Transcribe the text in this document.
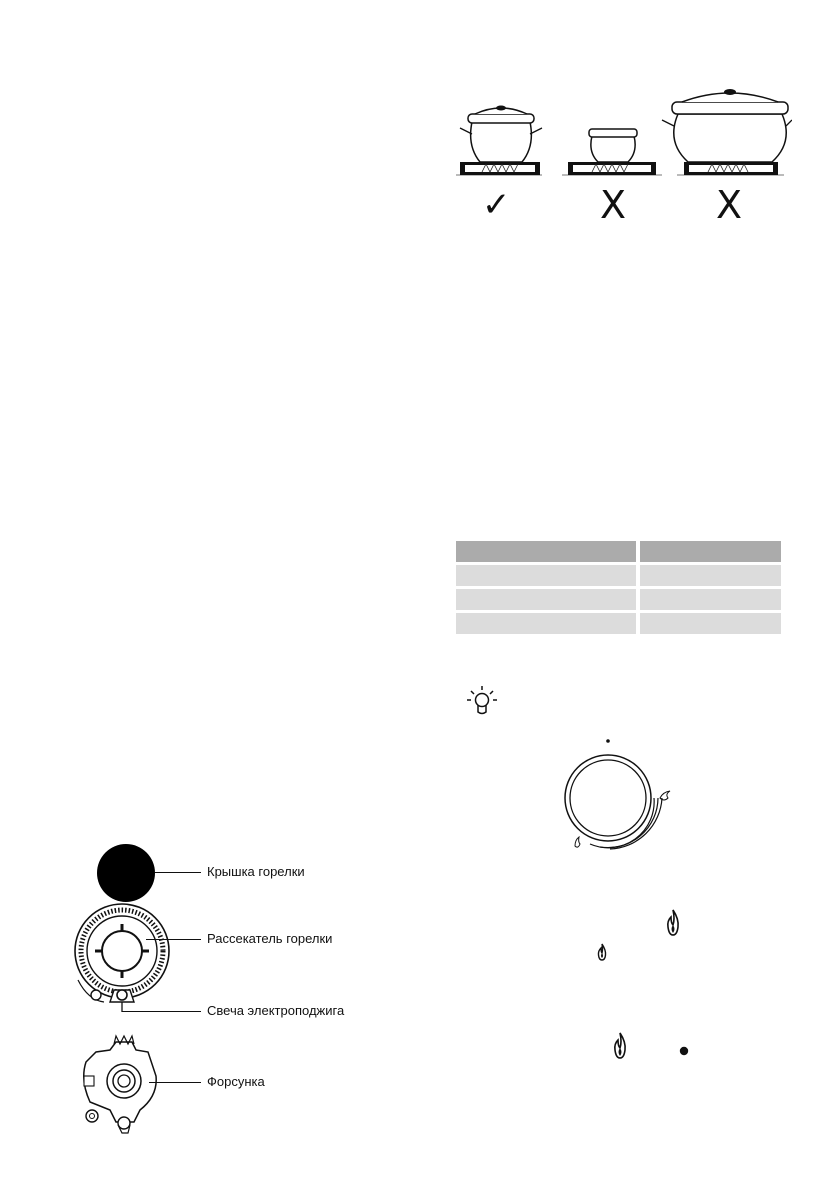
✓ X X

Крышка горелки
Рассекатель горелки
Свеча электроподжига
Форсунка
